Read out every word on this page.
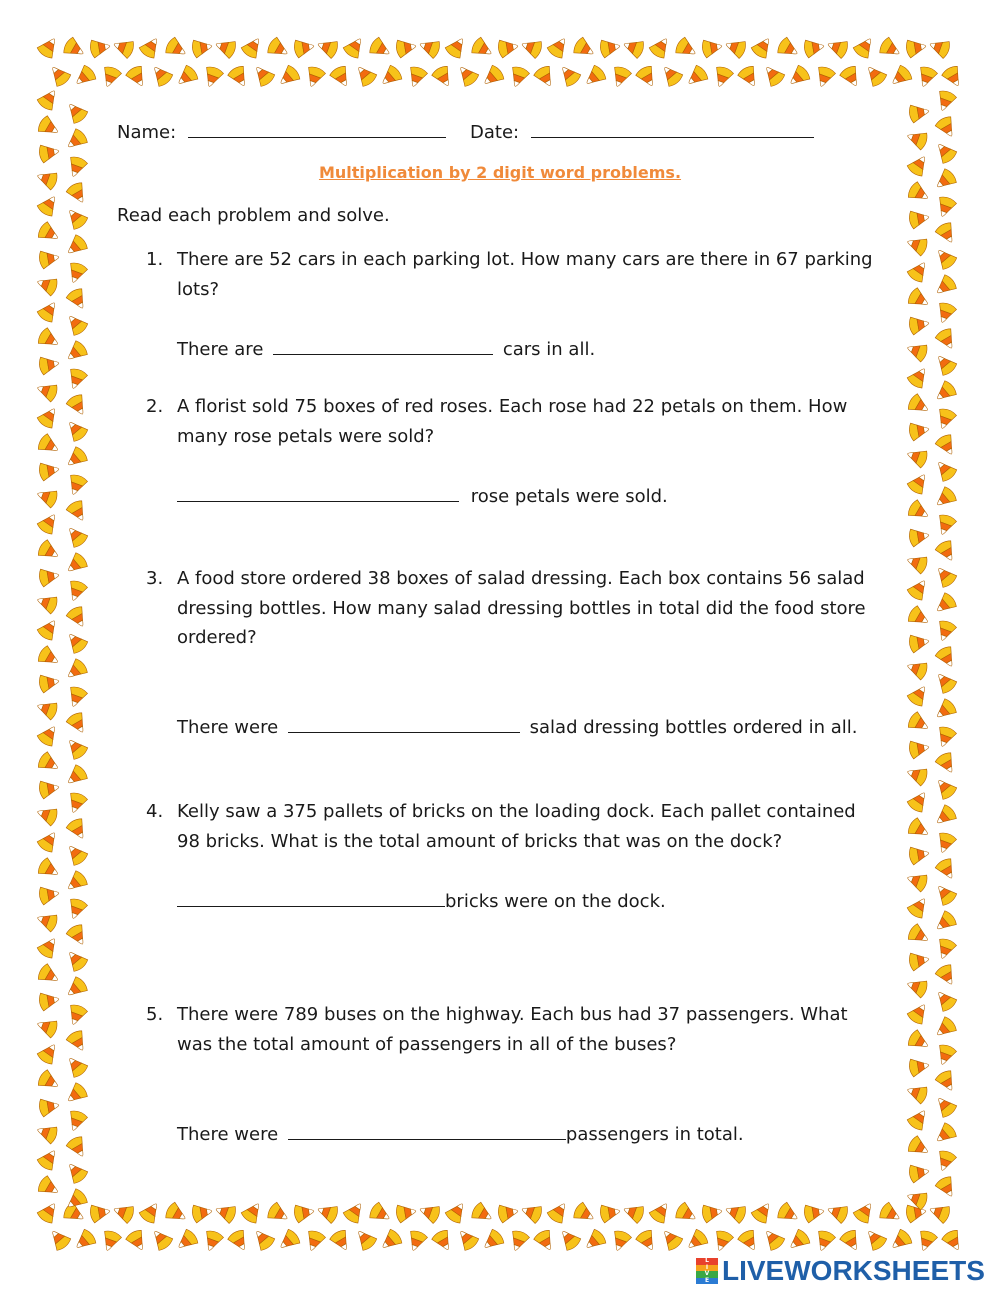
Name:	Date:
Multiplication by 2 digit word problems.
Read each problem and solve.
1. There are 52 cars in each parking lot. How many cars are there in 67 parking
lots?
There are	cars in all.
2. A florist sold 75 boxes of red roses. Each rose had 22 petals on them. How
many rose petals were sold?
rose petals were sold.
3. A food store ordered 38 boxes of salad dressing. Each box contains 56 salad
dressing bottles. How many salad dressing bottles in total did the food store
ordered?
There were	salad dressing bottles ordered in all.
4. Kelly saw a 375 pallets of bricks on the loading dock. Each pallet contained
98 bricks. What is the total amount of bricks that was on the dock?
bricks were on the dock.
5. There were 789 buses on the highway. Each bus had 37 passengers. What
was the total amount of passengers in all of the buses?
There were	passengers in total.
L
I
V
E LIVEWORKSHEETS
